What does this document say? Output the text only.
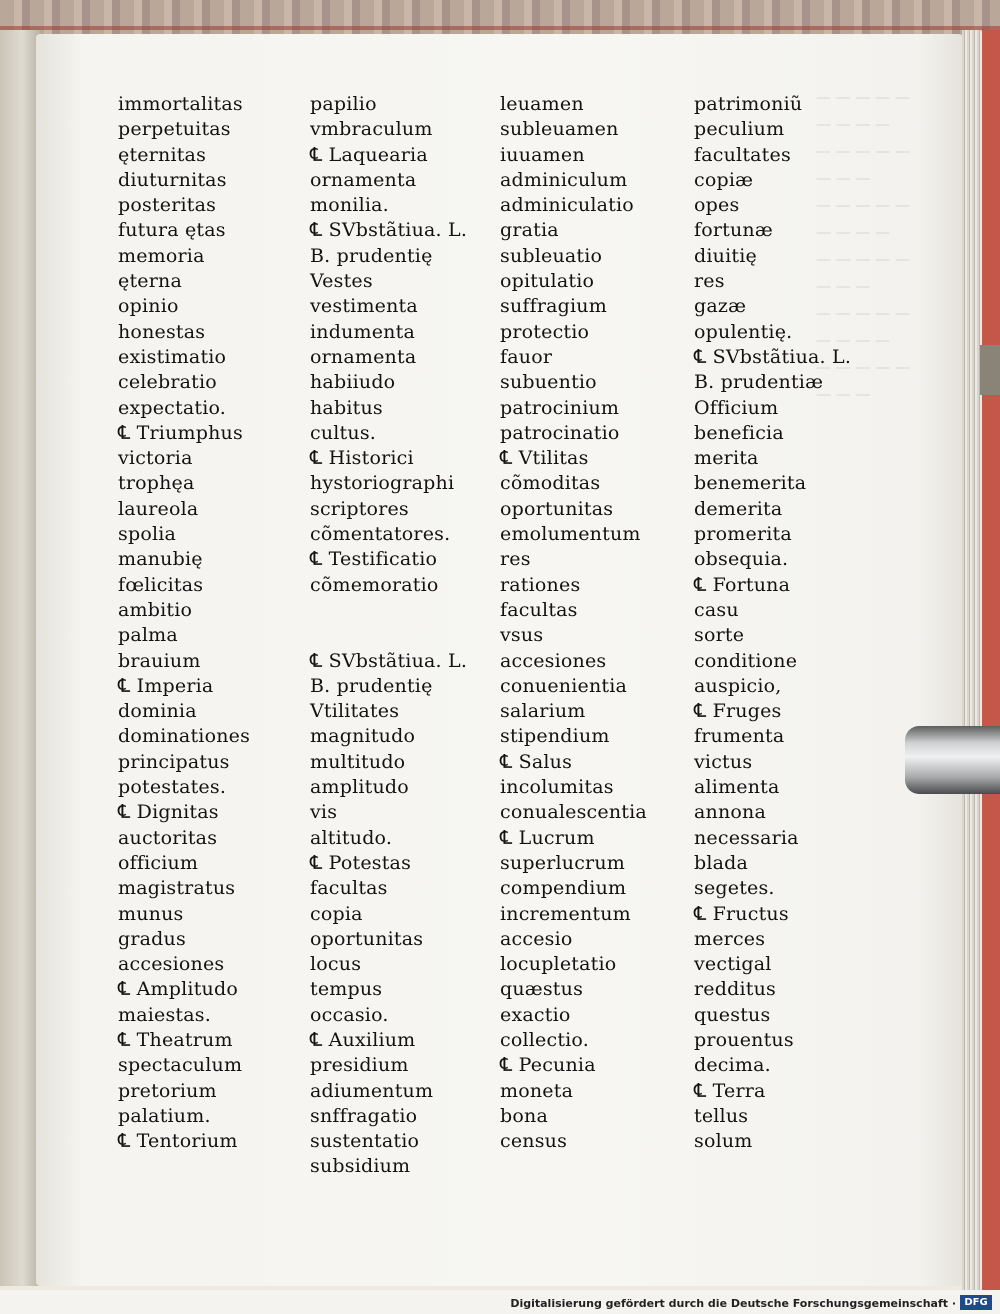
— — — — —
— — — —
— — — — —
— — —
— — — — —
— — — —
— — — — —
— — —
— — — — —
— — — —
— — — — —
— — —
immortalitas
perpetuitas
ęternitas
diuturnitas
posteritas
futura ętas
memoria
ęterna
opinio
honestas
existimatio
celebratio
expectatio.
℄ Triumphus
victoria
trophęa
laureola
spolia
manubię
fœlicitas
ambitio
palma
brauium
℄ Imperia
dominia
dominationes
principatus
potestates.
℄ Dignitas
auctoritas
officium
magistratus
munus
gradus
accesiones
℄ Amplitudo
maiestas.
℄ Theatrum
spectaculum
pretorium
palatium.
℄ Tentorium
papilio
vmbraculum
℄ Laquearia
ornamenta
monilia.
℄ SVbstãtiua. L.
B. prudentię
Vestes
vestimenta
indumenta
ornamenta
habiiudo
habitus
cultus.
℄ Historici
hystoriographi
scriptores
cõmentatores.
℄ Testificatio
cõmemoratio
℄ SVbstãtiua. L.
B. prudentię
Vtilitates
magnitudo
multitudo
amplitudo
vis
altitudo.
℄ Potestas
facultas
copia
oportunitas
locus
tempus
occasio.
℄ Auxilium
presidium
adiumentum
snffragatio
sustentatio
subsidium
leuamen
subleuamen
iuuamen
adminiculum
adminiculatio
gratia
subleuatio
opitulatio
suffragium
protectio
fauor
subuentio
patrocinium
patrocinatio
℄ Vtilitas
cõmoditas
oportunitas
emolumentum
res
rationes
facultas
vsus
accesiones
conuenientia
salarium
stipendium
℄ Salus
incolumitas
conualescentia
℄ Lucrum
superlucrum
compendium
incrementum
accesio
locupletatio
quæstus
exactio
collectio.
℄ Pecunia
moneta
bona
census
patrimoniũ
peculium
facultates
copiæ
opes
fortunæ
diuitię
res
gazæ
opulentię.
℄ SVbstãtiua. L.
B. prudentiæ
Officium
beneficia
merita
benemerita
demerita
promerita
obsequia.
℄ Fortuna
casu
sorte
conditione
auspicio,
℄ Fruges
frumenta
victus
alimenta
annona
necessaria
blada
segetes.
℄ Fructus
merces
vectigal
redditus
questus
prouentus
decima.
℄ Terra
tellus
solum
Digitalisierung gefördert durch die Deutsche Forschungsgemeinschaft · DFG
